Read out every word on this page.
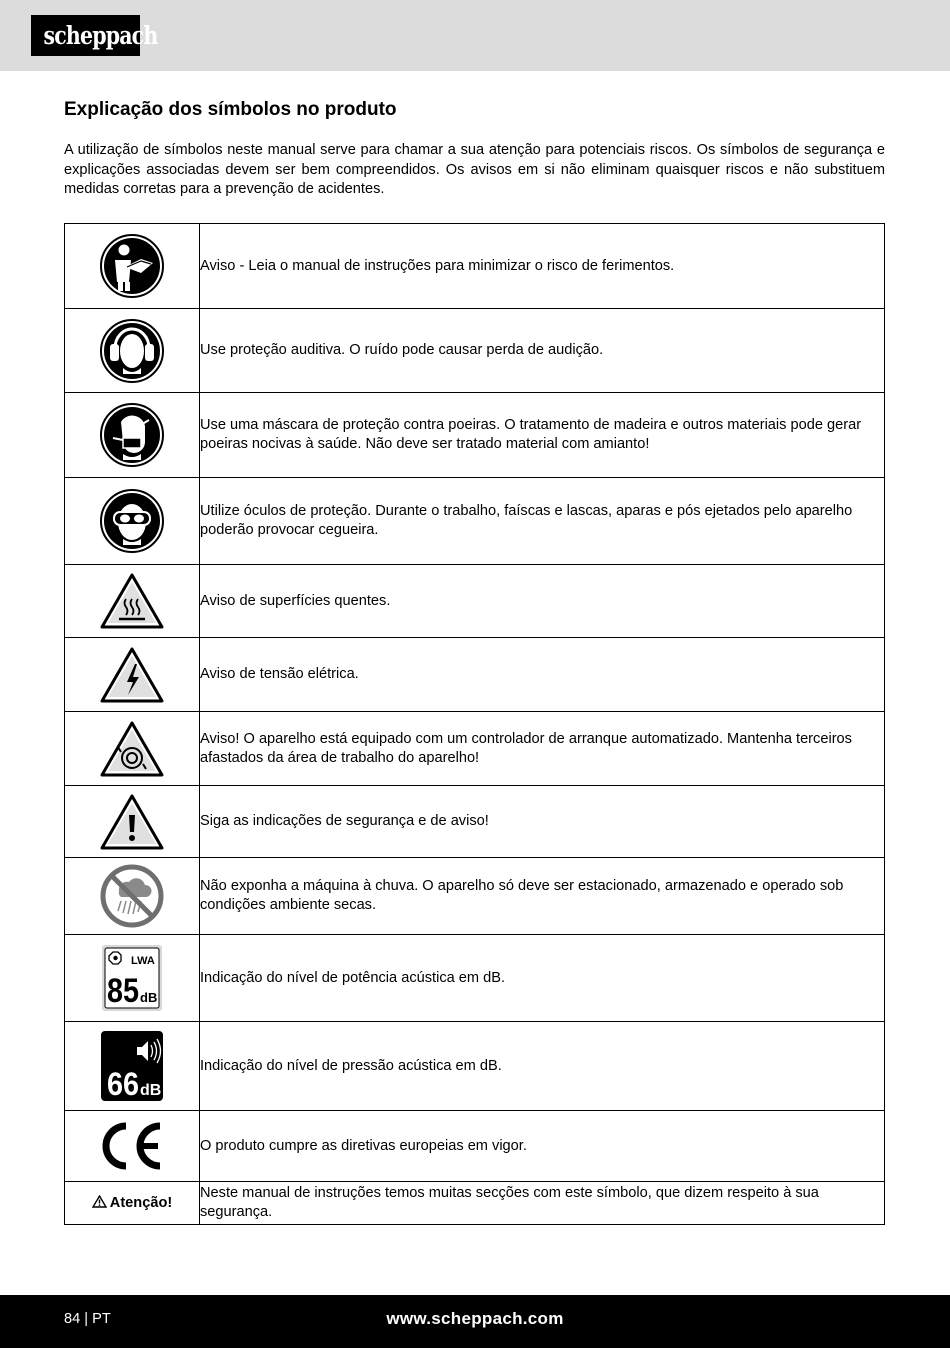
scheppach
Explicação dos símbolos no produto

A utilização de símbolos neste manual serve para chamar a sua atenção para potenciais riscos. Os símbolos de segurança e explicações associadas devem ser bem compreendidos. Os avisos em si não eliminam quaisquer riscos e não substituem medidas corretas para a prevenção de acidentes.

	Aviso - Leia o manual de instruções para minimizar o risco de ferimentos.

	Use proteção auditiva. O ruído pode causar perda de audição.

	Use uma máscara de proteção contra poeiras. O tratamento de madeira e outros materiais pode gerar poeiras nocivas à saúde. Não deve ser tratado material com amianto!

	Utilize óculos de proteção. Durante o trabalho, faíscas e lascas, aparas e pós ejetados pelo aparelho poderão provocar cegueira.

	Aviso de superfícies quentes.

	Aviso de tensão elétrica.

	Aviso! O aparelho está equipado com um controlador de arranque automatizado. Mantenha terceiros afastados da área de trabalho do aparelho!

	Siga as indicações de segurança e de aviso!

	Não exponha a máquina à chuva. O aparelho só deve ser estacionado, armazenado e operado sob condições ambiente secas.

LWA
85 dB	Indicação do nível de potência acústica em dB.

66 dB	Indicação do nível de pressão acústica em dB.

	O produto cumpre as diretivas europeias em vigor.
Atenção!	Neste manual de instruções temos muitas secções com este símbolo, que dizem respeito à sua segurança.
84 | PT	www.scheppach.com
